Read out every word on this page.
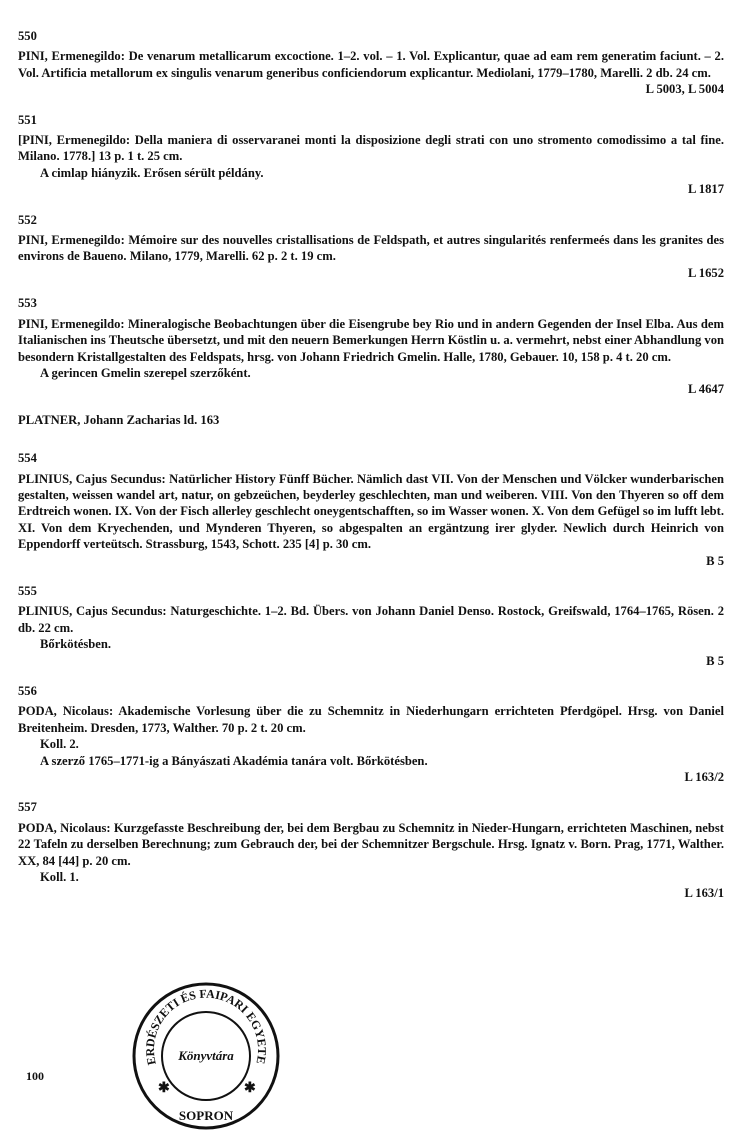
550
PINI, Ermenegildo: De venarum metallicarum excoctione. 1–2. vol. – 1. Vol. Explicantur, quae ad eam rem generatim faciunt. – 2. Vol. Artificia metallorum ex singulis venarum generibus conficiendorum explicantur. Mediolani, 1779–1780, Marelli. 2 db. 24 cm.
L 5003, L 5004
551
[PINI, Ermenegildo: Della maniera di osservaranei monti la disposizione degli strati con uno stromento comodissimo a tal fine. Milano. 1778.] 13 p. 1 t. 25 cm.
A cimlap hiányzik. Erősen sérült példány.
L 1817
552
PINI, Ermenegildo: Mémoire sur des nouvelles cristallisations de Feldspath, et autres singularités renfermeés dans les granites des environs de Baueno. Milano, 1779, Marelli. 62 p. 2 t. 19 cm.
L 1652
553
PINI, Ermenegildo: Mineralogische Beobachtungen über die Eisengrube bey Rio und in andern Gegenden der Insel Elba. Aus dem Italianischen ins Theutsche übersetzt, und mit den neuern Bemerkungen Herrn Köstlin u. a. vermehrt, nebst einer Abhandlung von besondern Kristallgestalten des Feldspats, hrsg. von Johann Friedrich Gmelin. Halle, 1780, Gebauer. 10, 158 p. 4 t. 20 cm.
A gerincen Gmelin szerepel szerzőként.
L 4647
PLATNER, Johann Zacharias ld. 163
554
PLINIUS, Cajus Secundus: Natürlicher History Fünff Bücher. Nämlich dast VII. Von der Menschen und Völcker wunderbarischen gestalten, weissen wandel art, natur, on gebzeüchen, beyderley geschlechten, man und weiberen. VIII. Von den Thyeren so off dem Erdtreich wonen. IX. Von der Fisch allerley geschlecht oneygentschafften, so im Wasser wonen. X. Von dem Gefügel so im lufft lebt. XI. Von dem Kryechenden, und Mynderen Thyeren, so abgespalten an ergäntzung irer glyder. Newlich durch Heinrich von Eppendorff verteütsch. Strassburg, 1543, Schott. 235 [4] p. 30 cm.
B 5
555
PLINIUS, Cajus Secundus: Naturgeschichte. 1–2. Bd. Übers. von Johann Daniel Denso. Rostock, Greifswald, 1764–1765, Rösen. 2 db. 22 cm.
Bőrkötésben.
B 5
556
PODA, Nicolaus: Akademische Vorlesung über die zu Schemnitz in Niederhungarn errichteten Pferdgöpel. Hrsg. von Daniel Breitenheim. Dresden, 1773, Walther. 70 p. 2 t. 20 cm.
Koll. 2.
A szerző 1765–1771-ig a Bányászati Akadémia tanára volt. Bőrkötésben.
L 163/2
557
PODA, Nicolaus: Kurzgefasste Beschreibung der, bei dem Bergbau zu Schemnitz in Nieder-Hungarn, errichteten Maschinen, nebst 22 Tafeln zu derselben Berechnung; zum Gebrauch der, bei der Schemnitzer Bergschule. Hrsg. Ignatz v. Born. Prag, 1771, Walther. XX, 84 [44] p. 20 cm.
Koll. 1.
L 163/1
100
ERDÉSZETI ÉS FAIPARI EGYETE
Könyvtára
SOPRON
✱	✱
